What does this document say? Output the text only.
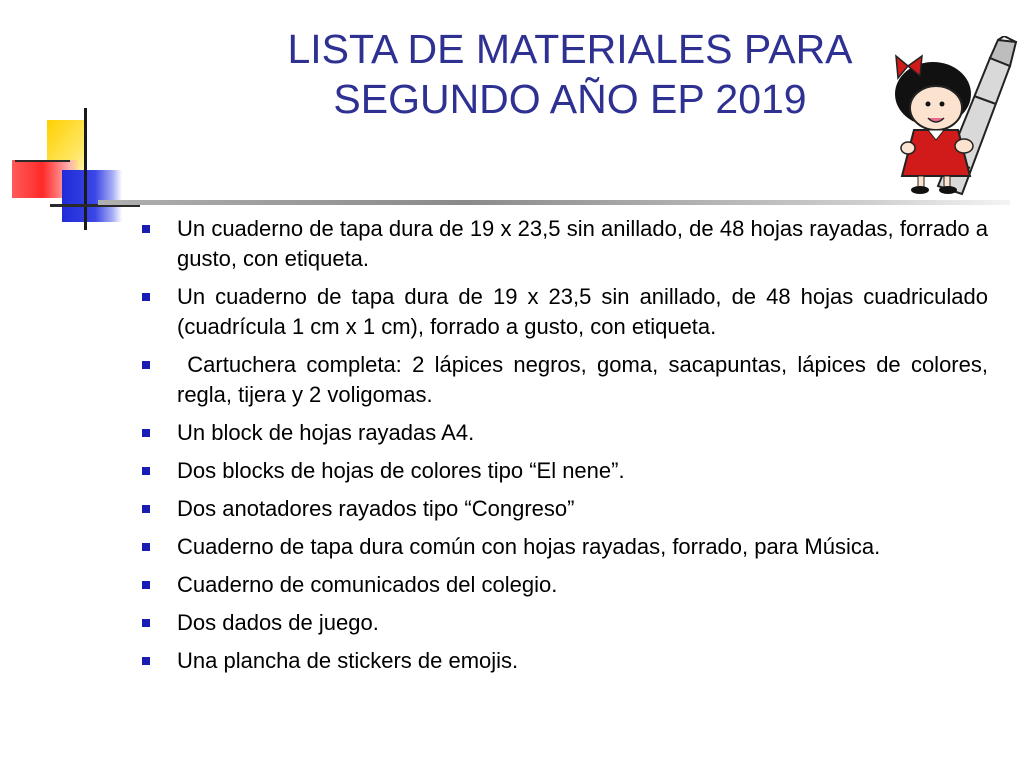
LISTA DE MATERIALES PARA
SEGUNDO AÑO EP 2019
Un cuaderno de tapa dura de 19 x 23,5 sin anillado, de 48 hojas rayadas, forrado a gusto, con etiqueta.
Un cuaderno de tapa dura de 19 x 23,5 sin anillado, de 48 hojas cuadriculado (cuadrícula 1 cm x 1 cm), forrado a gusto, con etiqueta.
Cartuchera completa: 2 lápices negros, goma, sacapuntas, lápices de colores, regla, tijera y 2 voligomas.
Un block de hojas rayadas A4.
Dos blocks de hojas de colores tipo “El nene”.
Dos anotadores rayados tipo “Congreso”
Cuaderno de tapa dura común con hojas rayadas, forrado, para Música.
Cuaderno de comunicados del colegio.
Dos dados de juego.
Una plancha de stickers de emojis.
